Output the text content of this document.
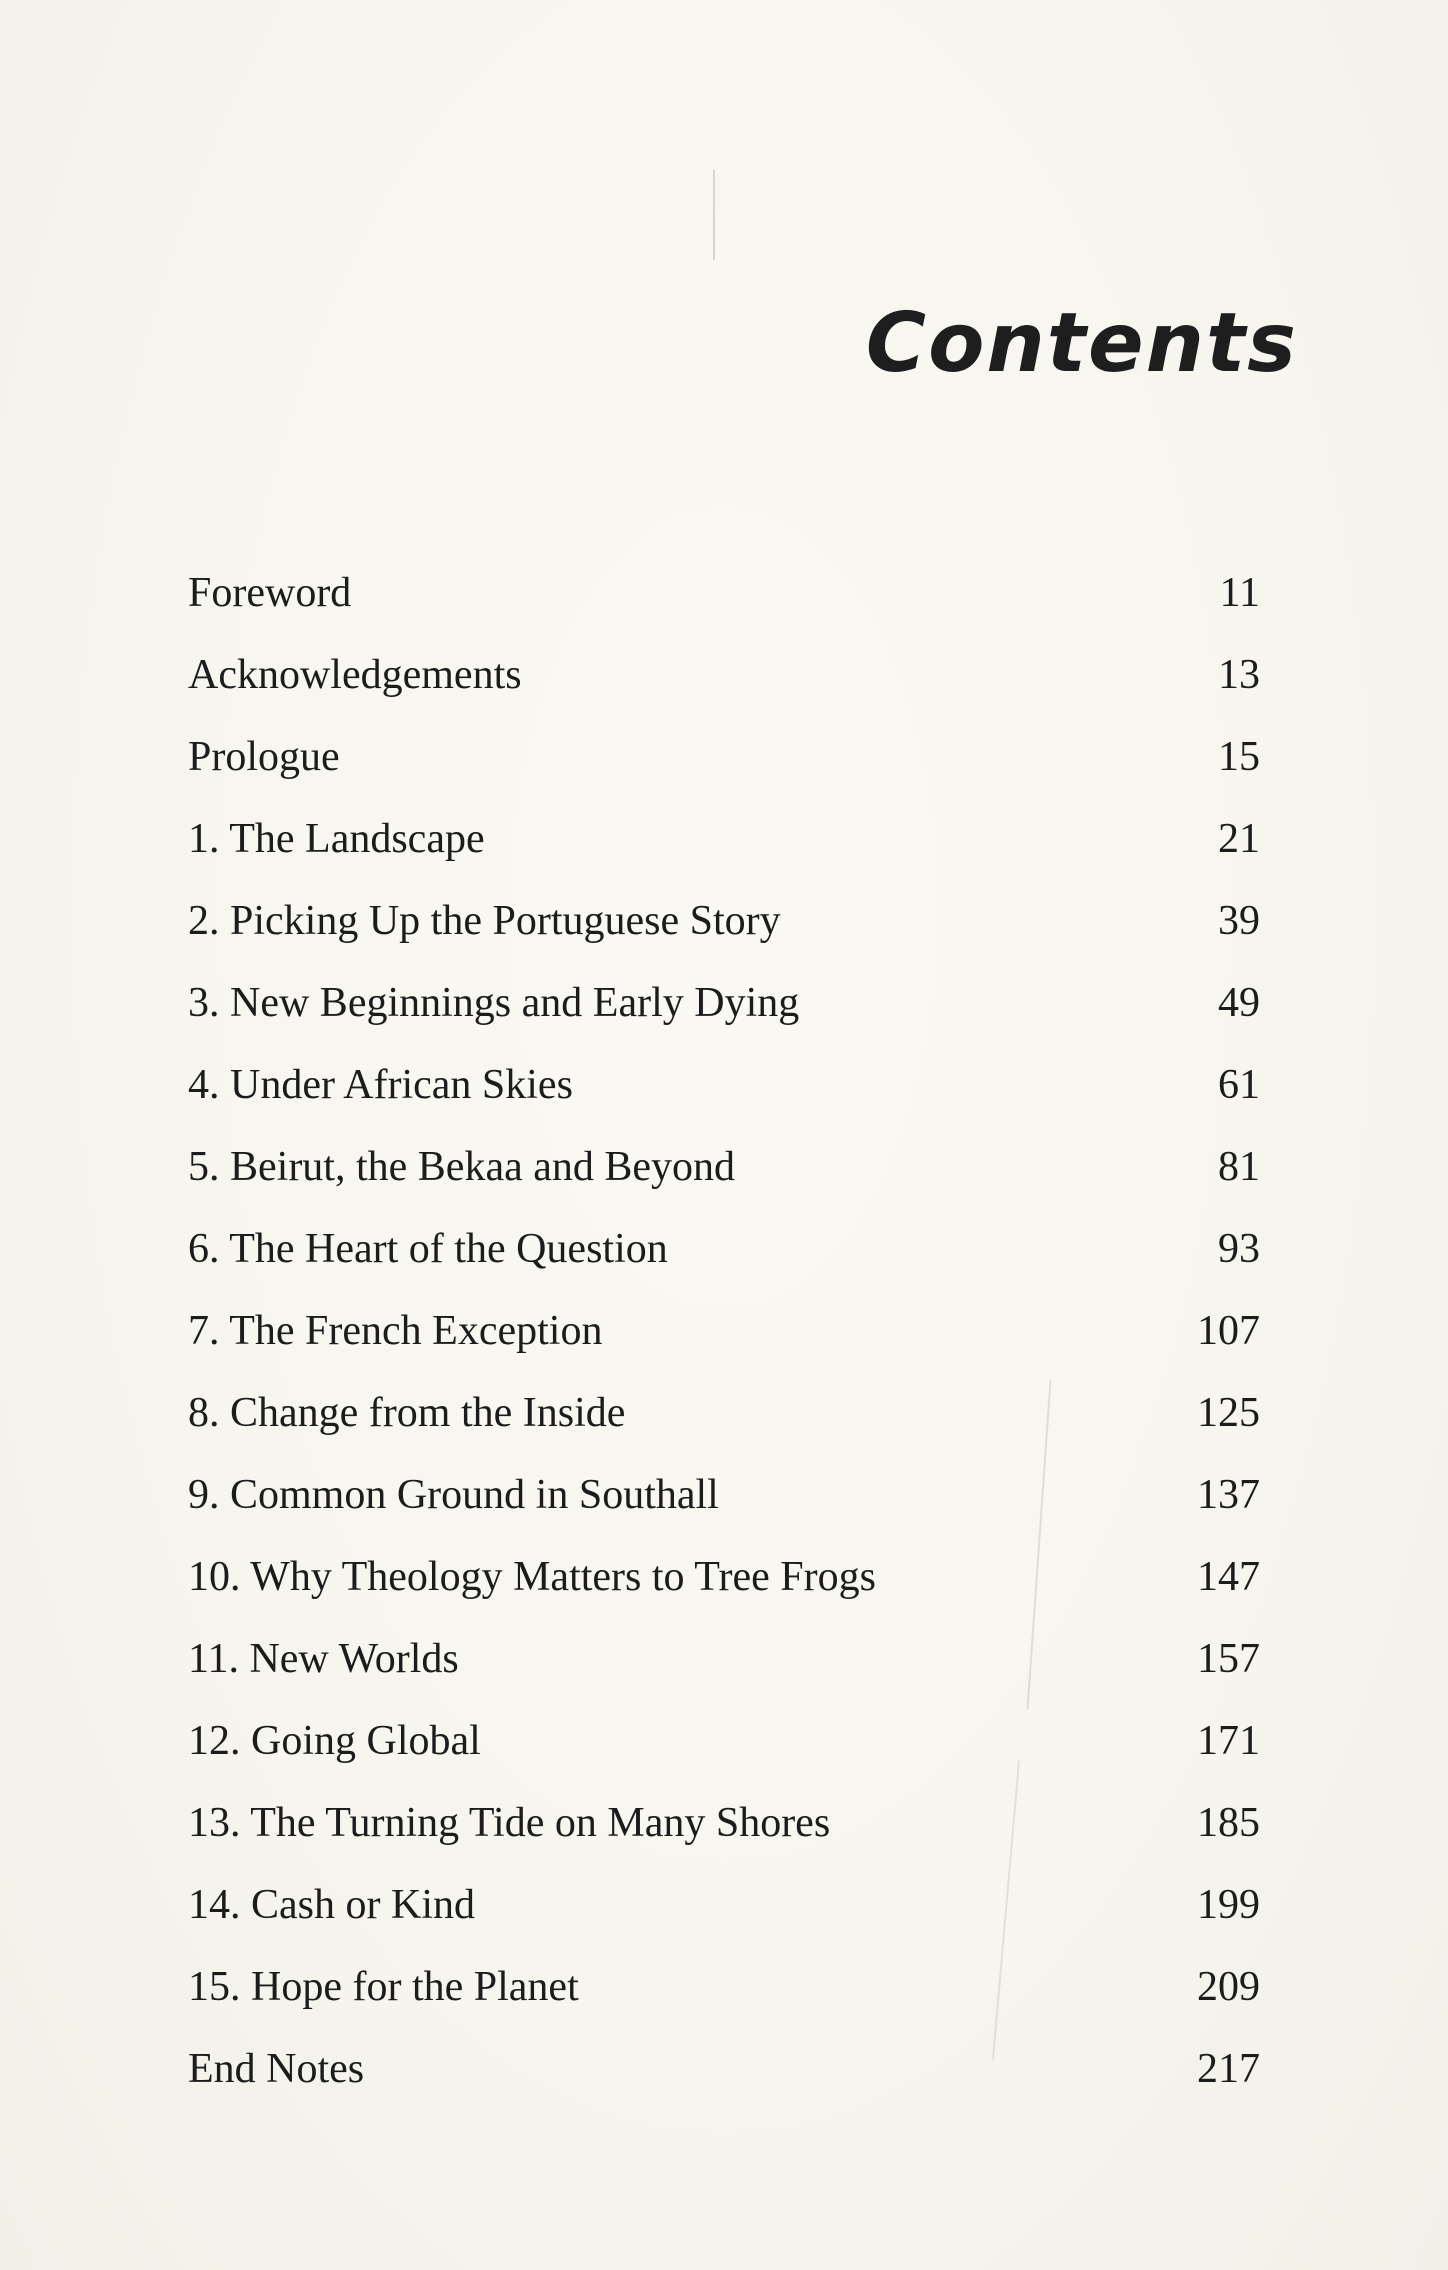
Contents
Foreword	11
Acknowledgements	13
Prologue	15
1. The Landscape	21
2. Picking Up the Portuguese Story	39
3. New Beginnings and Early Dying	49
4. Under African Skies	61
5. Beirut, the Bekaa and Beyond	81
6. The Heart of the Question	93
7. The French Exception	107
8. Change from the Inside	125
9. Common Ground in Southall	137
10. Why Theology Matters to Tree Frogs	147
11. New Worlds	157
12. Going Global	171
13. The Turning Tide on Many Shores	185
14. Cash or Kind	199
15. Hope for the Planet	209
End Notes	217
